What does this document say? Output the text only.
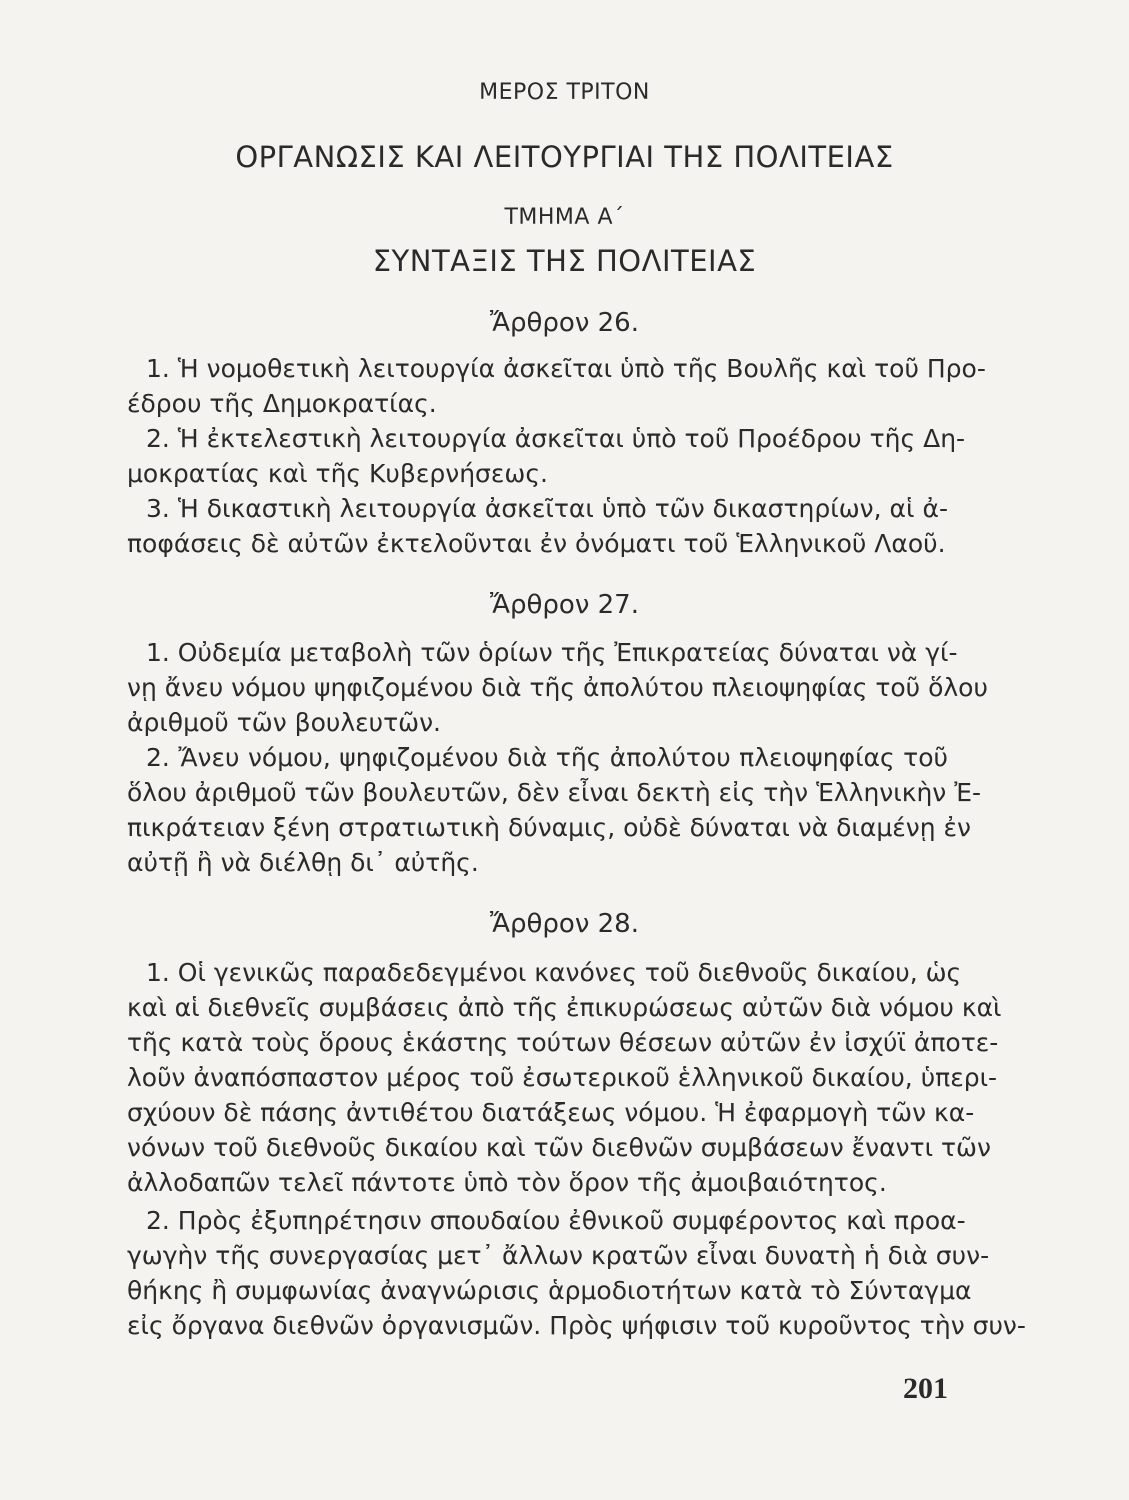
ΜΕΡΟΣ ΤΡΙΤΟΝ
ΟΡΓΑΝΩΣΙΣ ΚΑΙ ΛΕΙΤΟΥΡΓΙΑΙ ΤΗΣ ΠΟΛΙΤΕΙΑΣ
ΤΜΗΜΑ Α΄
ΣΥΝΤΑΞΙΣ ΤΗΣ ΠΟΛΙΤΕΙΑΣ
Ἄρθρον 26.
1. Ἡ νομοθετικὴ λειτουργία ἀσκεῖται ὑπὸ τῆς Βουλῆς καὶ τοῦ Προ-
έδρου τῆς Δημοκρατίας.
2. Ἡ ἐκτελεστικὴ λειτουργία ἀσκεῖται ὑπὸ τοῦ Προέδρου τῆς Δη-
μοκρατίας καὶ τῆς Κυβερνήσεως.
3. Ἡ δικαστικὴ λειτουργία ἀσκεῖται ὑπὸ τῶν δικαστηρίων, αἱ ἀ-
ποφάσεις δὲ αὐτῶν ἐκτελοῦνται ἐν ὀνόματι τοῦ Ἑλληνικοῦ Λαοῦ.
Ἄρθρον 27.
1. Οὐδεμία μεταβολὴ τῶν ὁρίων τῆς Ἐπικρατείας δύναται νὰ γί-
νῃ ἄνευ νόμου ψηφιζομένου διὰ τῆς ἀπολύτου πλειοψηφίας τοῦ ὅλου
ἀριθμοῦ τῶν βουλευτῶν.
2. Ἄνευ νόμου, ψηφιζομένου διὰ τῆς ἀπολύτου πλειοψηφίας τοῦ
ὅλου ἀριθμοῦ τῶν βουλευτῶν, δὲν εἶναι δεκτὴ εἰς τὴν Ἑλληνικὴν Ἐ-
πικράτειαν ξένη στρατιωτικὴ δύναμις, οὐδὲ δύναται νὰ διαμένῃ ἐν
αὐτῇ ἢ νὰ διέλθῃ δι᾽ αὐτῆς.
Ἄρθρον 28.
1. Οἱ γενικῶς παραδεδεγμένοι κανόνες τοῦ διεθνοῦς δικαίου, ὡς
καὶ αἱ διεθνεῖς συμβάσεις ἀπὸ τῆς ἐπικυρώσεως αὐτῶν διὰ νόμου καὶ
τῆς κατὰ τοὺς ὅρους ἑκάστης τούτων θέσεων αὐτῶν ἐν ἰσχύϊ ἀποτε-
λοῦν ἀναπόσπαστον μέρος τοῦ ἐσωτερικοῦ ἑλληνικοῦ δικαίου, ὑπερι-
σχύουν δὲ πάσης ἀντιθέτου διατάξεως νόμου. Ἡ ἐφαρμογὴ τῶν κα-
νόνων τοῦ διεθνοῦς δικαίου καὶ τῶν διεθνῶν συμβάσεων ἔναντι τῶν
ἀλλοδαπῶν τελεῖ πάντοτε ὑπὸ τὸν ὅρον τῆς ἀμοιβαιότητος.
2. Πρὸς ἐξυπηρέτησιν σπουδαίου ἐθνικοῦ συμφέροντος καὶ προα-
γωγὴν τῆς συνεργασίας μετ᾽ ἄλλων κρατῶν εἶναι δυνατὴ ἡ διὰ συν-
θήκης ἢ συμφωνίας ἀναγνώρισις ἁρμοδιοτήτων κατὰ τὸ Σύνταγμα
εἰς ὄργανα διεθνῶν ὀργανισμῶν. Πρὸς ψήφισιν τοῦ κυροῦντος τὴν συν-
201
